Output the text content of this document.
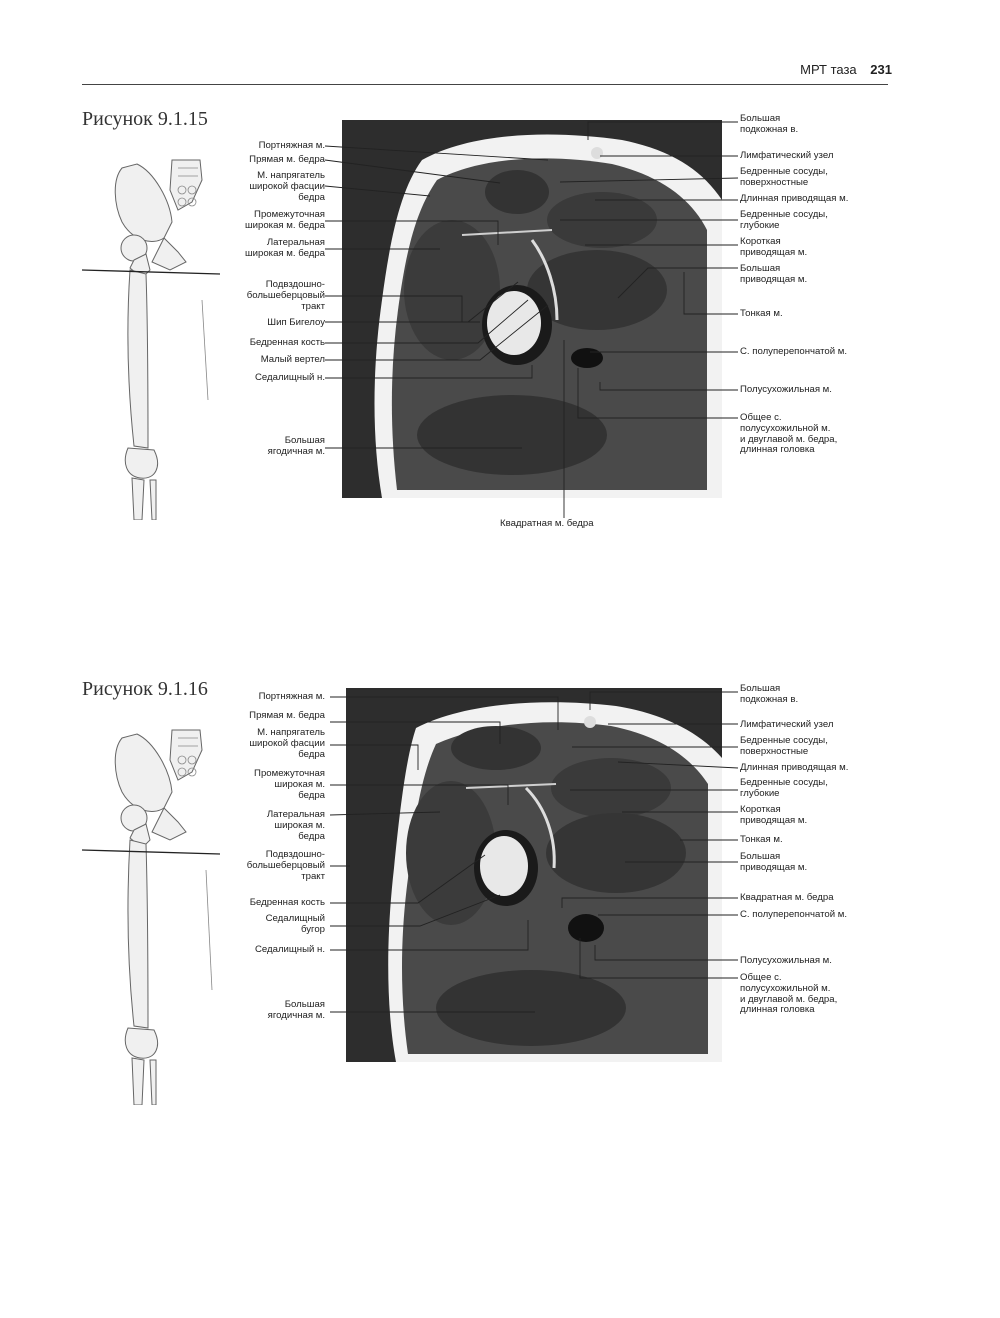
МРТ таза 231
Рисунок 9.1.15
Портняжная м.
Прямая м. бедра
М. напрягатель
широкой фасции
бедра
Промежуточная
широкая м. бедра
Латеральная
широкая м. бедра
Подвздошно-
большеберцовый
тракт
Шип Бигелоу
Бедренная кость
Малый вертел
Седалищный н.
Большая
ягодичная м.
Большая
подкожная в.
Лимфатический узел
Бедренные сосуды,
поверхностные
Длинная приводящая м.
Бедренные сосуды,
глубокие
Короткая
приводящая м.
Большая
приводящая м.
Тонкая м.
С. полуперепончатой м.
Полусухожильная м.
Общее с.
полусухожильной м.
и двуглавой м. бедра,
длинная головка
Квадратная м. бедра
Рисунок 9.1.16	Портняжная м.
Прямая м. бедра
М. напрягатель
широкой фасции
бедра
Промежуточная
широкая м.
бедра
Латеральная
широкая м.
бедра
Подвздошно-
большеберцовый
тракт
Бедренная кость
Седалищный
бугор
Седалищный н.
Большая
ягодичная м.
Большая
подкожная в.
Лимфатический узел
Бедренные сосуды,
поверхностные
Длинная приводящая м.
Бедренные сосуды,
глубокие
Короткая
приводящая м.
Тонкая м.
Большая
приводящая м.
Квадратная м. бедра
С. полуперепончатой м.
Полусухожильная м.
Общее с.
полусухожильной м.
и двуглавой м. бедра,
длинная головка
